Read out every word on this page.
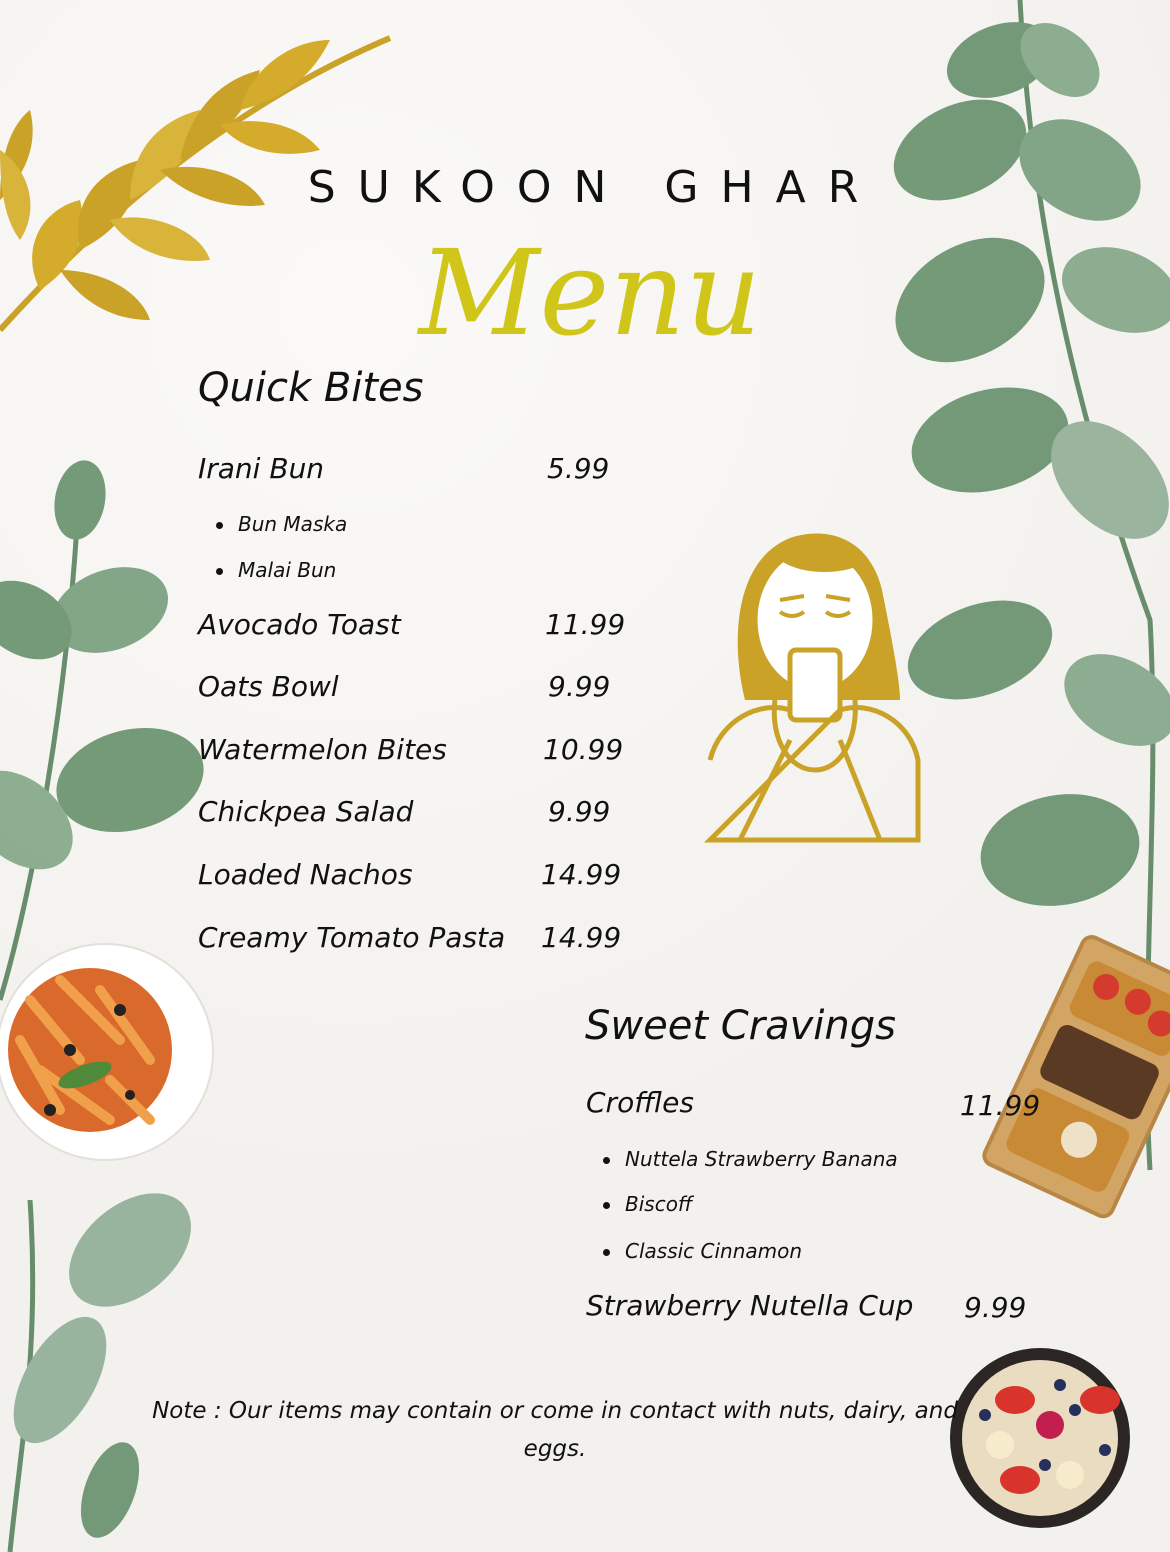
SUKOON GHAR
Menu
Quick Bites
Irani Bun	5.99
Bun Maska
Malai Bun
Avocado Toast	11.99
Oats Bowl	9.99
Watermelon Bites	10.99
Chickpea Salad	9.99
Loaded Nachos	14.99
Creamy Tomato Pasta 14.99
Sweet Cravings
Croffles	11.99
Nuttela Strawberry Banana
Biscoff
Classic Cinnamon
Strawberry Nutella Cup 9.99
Note : Our items may contain or come in contact with nuts, dairy, and eggs.
